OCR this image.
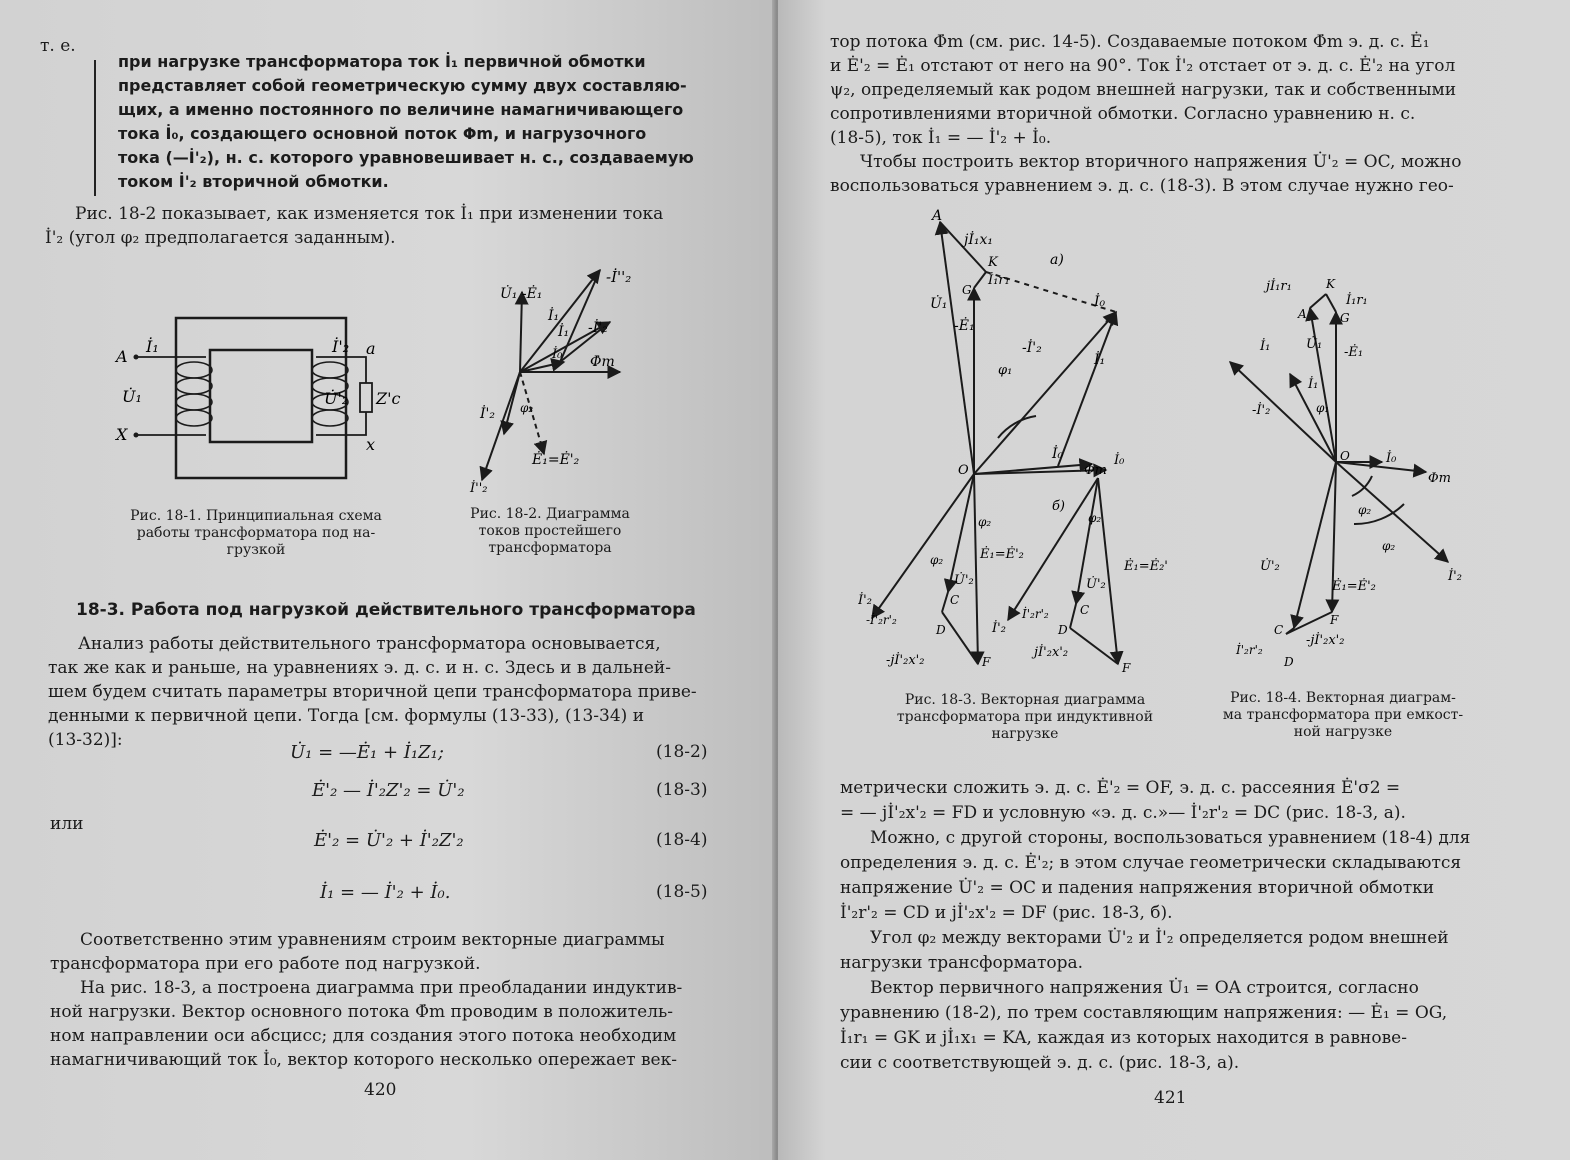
т. е.
при нагрузке трансформатора ток İ₁ первичной обмотки
представляет собой геометрическую сумму двух составляю-
щих, а именно постоянного по величине намагничивающего
тока İ₀, создающего основной поток Φm, и нагрузочного
тока (—İ'₂), н. с. которого уравновешивает н. с., создаваемую
током İ'₂ вторичной обмотки.
Рис. 18-2 показывает, как изменяется ток İ₁ при изменении тока
İ'₂ (угол φ₂ предполагается заданным).
A
İ₁
U̇₁
X
İ'₂ a
U̇'₂ Z'c
x
U̇₁ -Ė₁
-İ''₂
İ₁
İ₁ -İ'₂
İ₀ Φ̇m
İ'₂ φ₂
Ė₁=Ė'₂
İ''₂
Рис. 18-1. Принципиальная схема
работы трансформатора под на-
грузкой
Рис. 18-2. Диаграмма
токов простейшего
трансформатора
18-3. Работа под нагрузкой действительного трансформатора
Анализ работы действительного трансформатора основывается,
так же как и раньше, на уравнениях э. д. с. и н. с. Здесь и в дальней-
шем будем считать параметры вторичной цепи трансформатора приве-
денными к первичной цепи. Тогда [см. формулы (13-33), (13-34) и
(13-32)]:
U̇₁ = —Ė₁ + İ₁Z₁;	(18-2)
Ė'₂ — İ'₂Z'₂ = U̇'₂	(18-3)
или
Ė'₂ = U̇'₂ + İ'₂Z'₂	(18-4)
İ₁ = — İ'₂ + İ₀.	(18-5)
Соответственно этим уравнениям строим векторные диаграммы
трансформатора при его работе под нагрузкой.
На рис. 18-3, а построена диаграмма при преобладании индуктив-
ной нагрузки. Вектор основного потока Φ̇m проводим в положитель-
ном направлении оси абсцисс; для создания этого потока необходим
намагничивающий ток İ₀, вектор которого несколько опережает век-
420
тор потока Φ̇m (см. рис. 14-5). Создаваемые потоком Φ̇m э. д. с. Ė₁
и Ė'₂ = Ė₁ отстают от него на 90°. Ток İ'₂ отстает от э. д. с. Ė'₂ на угол
ψ₂, определяемый как родом внешней нагрузки, так и собственными
сопротивлениями вторичной обмотки. Согласно уравнению н. с.
(18-5), ток İ₁ = — İ'₂ + İ₀.
Чтобы построить вектор вторичного напряжения U̇'₂ = OC, можно
воспользоваться уравнением э. д. с. (18-3). В этом случае нужно гео-
A
jİ₁x₁
K
İ₁r₁
a)
G
U̇₁
-Ė₁
İ₀
-İ'₂
İ₁
φ₁
O
İ₀
Φm
İ₀
б)
φ₂
Ė₁=Ė'₂
φ₂
φ₂
Ė₁=Ė₂'
U̇'₂	U̇'₂
İ'₂	C
D
F
-İ'₂r'₂
-jİ'₂x'₂
İ'₂
İ'₂r'₂	C
D
jİ'₂x'₂
F
jİ₁r₁	K
İ₁r₁
A	G
U̇₁
-Ė₁
İ₁
İ₁
-İ'₂	φ₁
O	İ₀
Φm
φ₂
φ₂
İ'₂
U̇'₂
Ė₁=Ė'₂
F
C
D
İ'₂r'₂
-jİ'₂x'₂
Рис. 18-3. Векторная диаграмма
трансформатора при индуктивной
нагрузке
Рис. 18-4. Векторная диаграм-
ма трансформатора при емкост-
ной нагрузке
метрически сложить э. д. с. Ė'₂ = OF, э. д. с. рассеяния Ė'σ2 =
= — jİ'₂x'₂ = FD и условную «э. д. с.»— İ'₂r'₂ = DC (рис. 18-3, а).
Можно, с другой стороны, воспользоваться уравнением (18-4) для
определения э. д. с. Ė'₂; в этом случае геометрически складываются
напряжение U̇'₂ = OC и падения напряжения вторичной обмотки
İ'₂r'₂ = CD и jİ'₂x'₂ = DF (рис. 18-3, б).
Угол φ₂ между векторами U̇'₂ и İ'₂ определяется родом внешней
нагрузки трансформатора.
Вектор первичного напряжения U̇₁ = OA строится, согласно
уравнению (18-2), по трем составляющим напряжения: — Ė₁ = OG,
İ₁r₁ = GK и jİ₁x₁ = KA, каждая из которых находится в равнове-
сии с соответствующей э. д. с. (рис. 18-3, а).
421
